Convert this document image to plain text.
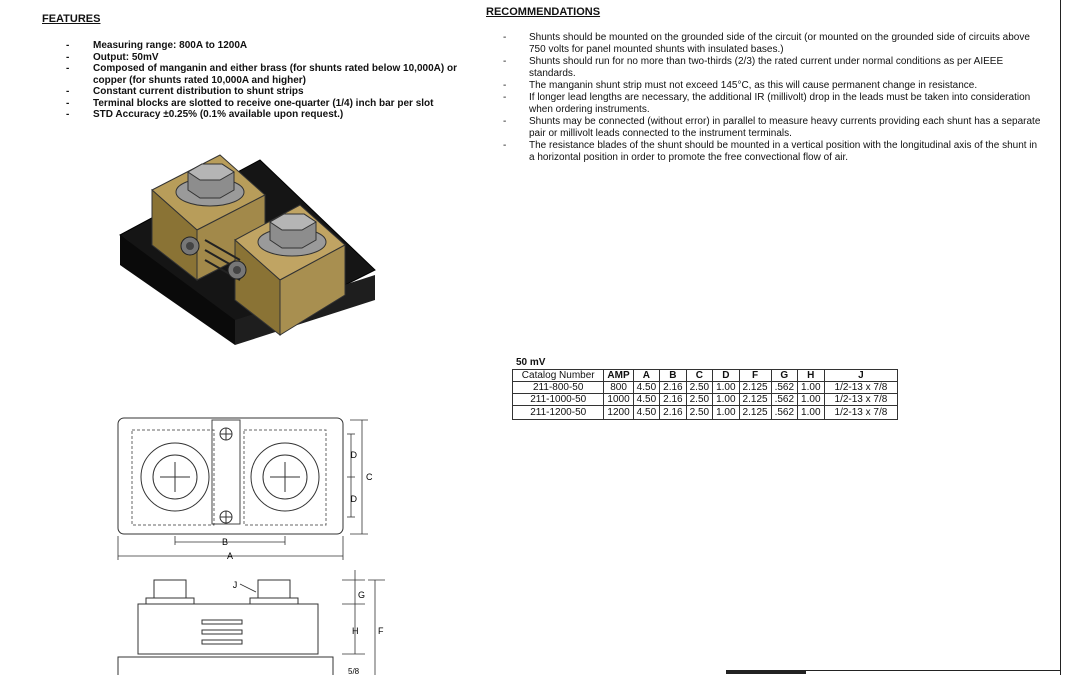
FEATURES
- Measuring range: 800A to 1200A
- Output: 50mV
- Composed of manganin and either brass (for shunts rated below 10,000A) or copper (for shunts rated 10,000A and higher)
- Constant current distribution to shunt strips
- Terminal blocks are slotted to receive one-quarter (1/4) inch bar per slot
- STD Accuracy ±0.25% (0.1% available upon request.)
RECOMMENDATIONS
- Shunts should be mounted on the grounded side of the circuit (or mounted on the grounded side of circuits above 750 volts for panel mounted shunts with insulated bases.)
- Shunts should run for no more than two-thirds (2/3) the rated current under normal conditions as per AIEEE standards.
- The manganin shunt strip must not exceed 145°C, as this will cause permanent change in resistance.
- If longer lead lengths are necessary, the additional IR (millivolt) drop in the leads must be taken into consideration when ordering instruments.
- Shunts may be connected (without error) in parallel to measure heavy currents providing each shunt has a separate pair or millivolt leads connected to the instrument terminals.
- The resistance blades of the shunt should be mounted in a vertical position with the longitudinal axis of the shunt in a horizontal position in order to promote the free convectional flow of air.
B
A
D
D
C
J
G
H F
5/8
50 mV
Catalog Number	AMP	A	B	C	D	F	G	H	J
211-800-50	800	4.50	2.16	2.50	1.00	2.125	.562	1.00	1/2-13 x 7/8
211-1000-50	1000	4.50	2.16	2.50	1.00	2.125	.562	1.00	1/2-13 x 7/8
211-1200-50	1200	4.50	2.16	2.50	1.00	2.125	.562	1.00	1/2-13 x 7/8
